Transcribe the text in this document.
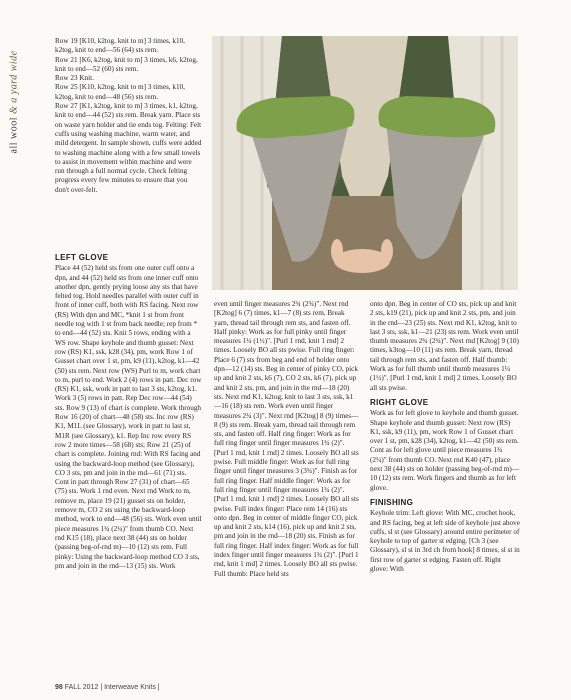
all wool & a yard wide

Row 19 [K10, k2tog, knit to m] 3 times, k10, k2tog, knit to end—56 (64) sts rem.

Row 21 [K6, k2tog, knit to m] 3 times, k6, k2tog, knit to end—52 (60) sts rem.

Row 23 Knit.

Row 25 [K10, k2tog, knit to m] 3 times, k10, k2tog, knit to end—48 (56) sts rem.

Row 27 [K1, k2tog, knit to m] 3 times, k1, k2tog, knit to end—44 (52) sts rem. Break yarn. Place sts on waste yarn holder and tie ends tog. Felting: Felt cuffs using washing machine, warm water, and mild detergent. In sample shown, cuffs were added to washing machine along with a few small towels to assist in movement within machine and were run through a full normal cycle. Check felting progress every few minutes to ensure that you don't over-felt.

LEFT GLOVE

Place 44 (52) held sts from one outer cuff onto a dpn, and 44 (52) held sts from one inner cuff onto another dpn, gently prying loose any sts that have felted tog. Hold needles parallel with outer cuff in front of inner cuff, both with RS facing. Next row (RS) With dpn and MC, *knit 1 st from front needle tog with 1 st from back needle; rep from * to end—44 (52) sts. Knit 5 rows, ending with a WS row. Shape keyhole and thumb gusset: Next row (RS) K1, ssk, k28 (34), pm, work Row 1 of Gusset chart over 1 st, pm, k9 (11), k2tog, k1—42 (50) sts rem. Next row (WS) Purl to m, work chart to m, purl to end. Work 2 (4) rows in patt. Dec row (RS) K1, ssk, work in patt to last 3 sts, k2tog, k1. Work 3 (5) rows in patt. Rep Dec row—44 (54) sts. Row 9 (13) of chart is complete. Work through Row 16 (20) of chart—48 (58) sts. Inc row (RS) K1, M1L (see Glossary), work in patt to last st, M1R (see Glossary), k1. Rep Inc row every RS row 2 more times—58 (68) sts; Row 21 (25) of chart is complete. Joining rnd: With RS facing and using the backward-loop method (see Glossary), CO 3 sts, pm and join in the rnd—61 (71) sts. Cont in patt through Row 27 (31) of chart—65 (75) sts. Work 1 rnd even. Next rnd Work to m, remove m, place 19 (21) gusset sts on holder, remove m, CO 2 sts using the backward-loop method, work to end—48 (56) sts. Work even until piece measures 1¾ (2¼)" from thumb CO. Next rnd K15 (18), place next 38 (44) sts on holder (passing beg-of-rnd m)—10 (12) sts rem. Full pinky: Using the backward-loop method CO 3 sts, pm and join in the rnd—13 (15) sts. Work

even until finger measures 2¾ (2¾)". Next rnd [K2tog] 6 (7) times, k1—7 (8) sts rem. Break yarn, thread tail through rem sts, and fasten off. Half pinky: Work as for full pinky until finger measures 1¼ (1½)". [Purl 1 rnd, knit 1 rnd] 2 times. Loosely BO all sts pwise. Full ring finger: Place 6 (7) sts from beg and end of holder onto dpn—12 (14) sts. Beg in center of pinky CO, pick up and knit 2 sts, k6 (7), CO 2 sts, k6 (7), pick up and knit 2 sts, pm, and join in the rnd—18 (20) sts. Next rnd K1, k2tog, knit to last 3 sts, ssk, k1—16 (18) sts rem. Work even until finger measures 2¾ (3)". Next rnd [K2tog] 8 (9) times—8 (9) sts rem. Break yarn, thread tail through rem sts, and fasten off. Half ring finger: Work as for full ring finger until finger measures 1¾ (2)". [Purl 1 rnd, knit 1 rnd] 2 times. Loosely BO all sts pwise. Full middle finger: Work as for full ring finger until finger measures 3 (3¾)". Finish as for full ring finger. Half middle finger: Work as for full ring finger until finger measures 1¾ (2)". [Purl 1 rnd, knit 1 rnd] 2 times. Loosely BO all sts pwise. Full index finger: Place rem 14 (16) sts onto dpn. Beg in center of middle finger CO, pick up and knit 2 sts, k14 (16), pick up and knit 2 sts, pm and join in the rnd—18 (20) sts. Finish as for full ring finger. Half index finger: Work as for full index finger until finger measures 1¾ (2)". [Purl 1 rnd, knit 1 rnd] 2 times. Loosely BO all sts pwise. Full thumb: Place held sts

onto dpn. Beg in center of CO sts, pick up and knit 2 sts, k19 (21), pick up and knit 2 sts, pm, and join in the rnd—23 (25) sts. Next rnd K1, k2tog, knit to last 3 sts, ssk, k1—21 (23) sts rem. Work even until thumb measures 2¾ (2¾)". Next rnd [K2tog] 9 (10) times, k3tog—10 (11) sts rem. Break yarn, thread tail through rem sts, and fasten off. Half thumb: Work as for full thumb until thumb measures 1¼ (1½)". [Purl 1 rnd, knit 1 rnd] 2 times. Loosely BO all sts pwise.

RIGHT GLOVE

Work as for left glove to keyhole and thumb gusset. Shape keyhole and thumb gusset: Next row (RS) K1, ssk, k9 (11), pm, work Row 1 of Gusset chart over 1 st, pm, k28 (34), k2tog, k1—42 (50) sts rem. Cont as for left glove until piece measures 1¾ (2¼)" from thumb CO. Next rnd K40 (47), place next 38 (44) sts on holder (passing beg-of-rnd m)—10 (12) sts rem. Work fingers and thumb as for left glove.

FINISHING

Keyhole trim: Left glove: With MC, crochet hook, and RS facing, beg at left side of keyhole just above cuffs, sl st (see Glossary) around entire perimeter of keyhole to top of garter st edging. [Ch 3 (see Glossary), sl st in 3rd ch from hook] 8 times, sl st in first row of garter st edging. Fasten off. Right glove: With

98 FALL 2012 | Interweave Knits |
